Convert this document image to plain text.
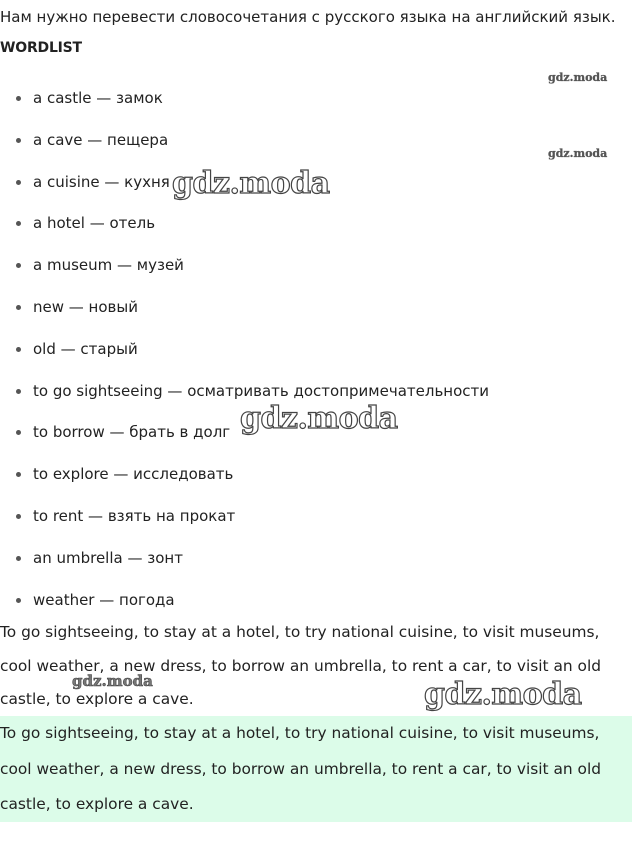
Нам нужно перевести словосочетания с русского языка на английский язык.
WORDLIST
a castle — замок
a cave — пещера
a cuisine — кухня
a hotel — отель
a museum — музей
new — новый
old — старый
to go sightseeing — осматривать достопримечательности
to borrow — брать в долг
to explore — исследовать
to rent — взять на прокат
an umbrella — зонт
weather — погода
To go sightseeing, to stay at a hotel, to try national cuisine, to visit museums, cool weather, a new dress, to borrow an umbrella, to rent a car, to visit an old castle, to explore a cave.

To go sightseeing, to stay at a hotel, to try national cuisine, to visit museums, cool weather, a new dress, to borrow an umbrella, to rent a car, to visit an old castle, to explore a cave.

gdz.moda
gdz.moda
gdz.moda
gdz.moda
gdz.moda	gdz.moda
